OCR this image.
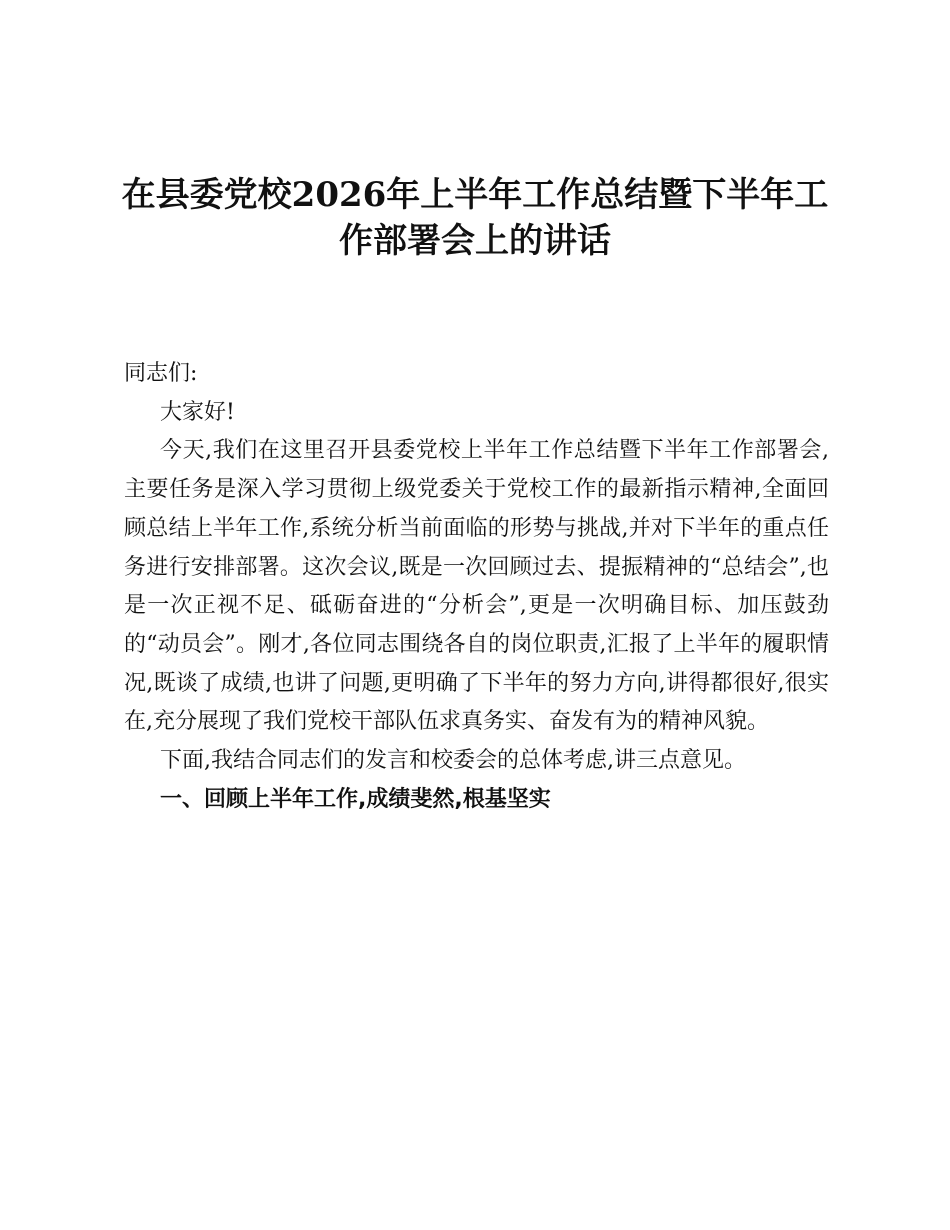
在县委党校2026年上半年工作总结暨下半年工
作部署会上的讲话

同志们:

大家好!

今天,我们在这里召开县委党校上半年工作总结暨下半年工作部署会,主要任务是深入学习贯彻上级党委关于党校工作的最新指示精神,全面回顾总结上半年工作,系统分析当前面临的形势与挑战,并对下半年的重点任务进行安排部署。这次会议,既是一次回顾过去、提振精神的“总结会”,也是一次正视不足、砥砺奋进的“分析会”,更是一次明确目标、加压鼓劲的“动员会”。刚才,各位同志围绕各自的岗位职责,汇报了上半年的履职情况,既谈了成绩,也讲了问题,更明确了下半年的努力方向,讲得都很好,很实在,充分展现了我们党校干部队伍求真务实、奋发有为的精神风貌。

下面,我结合同志们的发言和校委会的总体考虑,讲三点意见。

一、回顾上半年工作,成绩斐然,根基坚实
